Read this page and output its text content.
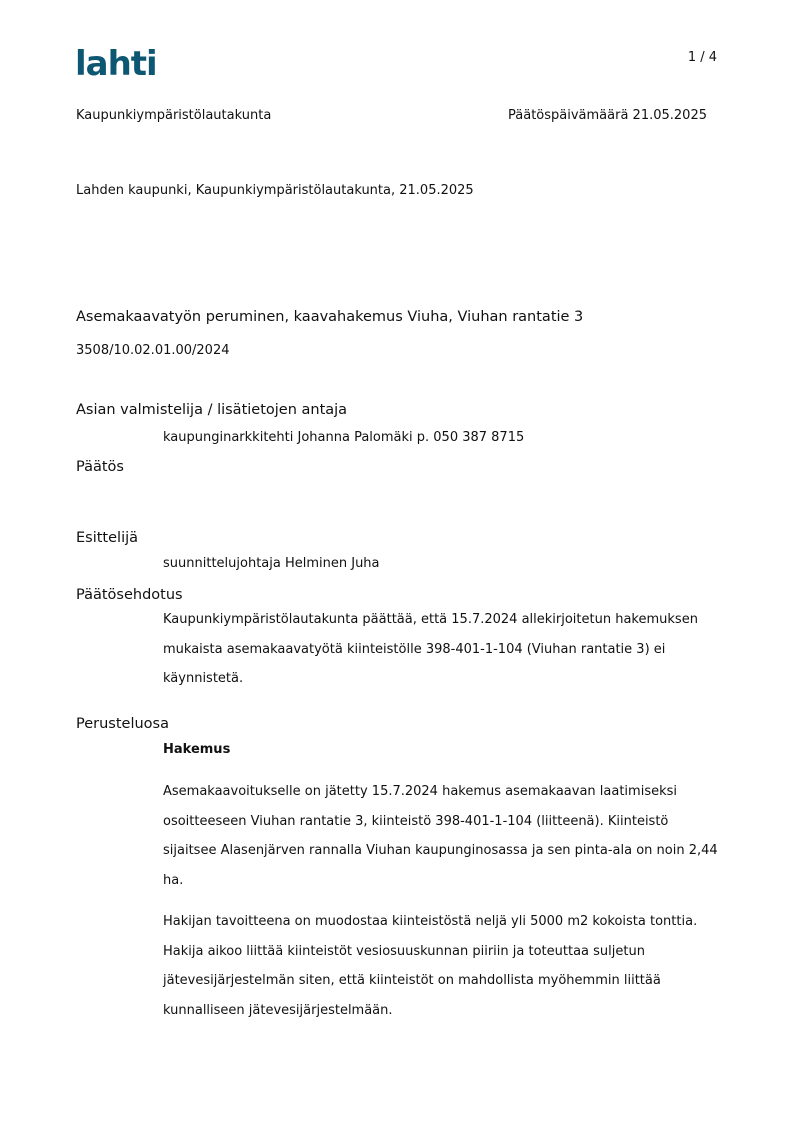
lahti	1 / 4
Kaupunkiympäristölautakunta	Päätöspäivämäärä 21.05.2025
Lahden kaupunki, Kaupunkiympäristölautakunta, 21.05.2025
Asemakaavatyön peruminen, kaavahakemus Viuha, Viuhan rantatie 3
3508/10.02.01.00/2024
Asian valmistelija / lisätietojen antaja
kaupunginarkkitehti Johanna Palomäki p. 050 387 8715
Päätös
Esittelijä
suunnittelujohtaja Helminen Juha
Päätösehdotus
Kaupunkiympäristölautakunta päättää, että 15.7.2024 allekirjoitetun hakemuksen mukaista asemakaavatyötä kiinteistölle 398-401-1-104 (Viuhan rantatie 3) ei käynnistetä.
Perusteluosa
Hakemus
Asemakaavoitukselle on jätetty 15.7.2024 hakemus asemakaavan laatimiseksi osoitteeseen Viuhan rantatie 3, kiinteistö 398-401-1-104 (liitteenä). Kiinteistö sijaitsee Alasenjärven rannalla Viuhan kaupunginosassa ja sen pinta-ala on noin 2,44 ha.
Hakijan tavoitteena on muodostaa kiinteistöstä neljä yli 5000 m2 kokoista tonttia. Hakija aikoo liittää kiinteistöt vesiosuuskunnan piiriin ja toteuttaa suljetun jätevesijärjestelmän siten, että kiinteistöt on mahdollista myöhemmin liittää kunnalliseen jätevesijärjestelmään.
